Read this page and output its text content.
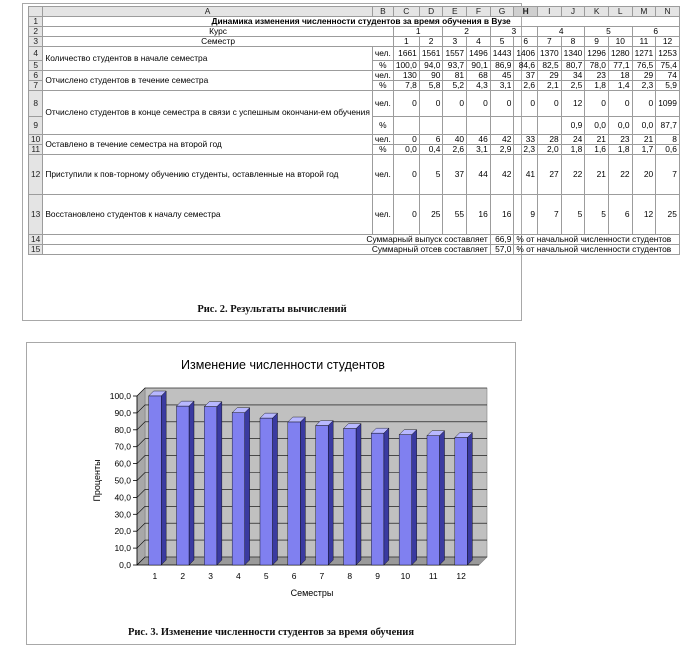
	A	B	C	D	E	F	G	H	I	J	K	L	M	N
1	Динамика изменения численности студентов за время обучения в Вузе													
2	Курс		1		2		3		4		5		6	
3	Семестр		1	2	3	4	5	6	7	8	9	10	11	12
4	Количество студентов в начале семестра	чел.	1661	1561	1557	1496	1443	1406	1370	1340	1296	1280	1271	1253
5		%	100,0	94,0	93,7	90,1	86,9	84,6	82,5	80,7	78,0	77,1	76,5	75,4
6	Отчислено студентов в течение семестра	чел.	130	90	81	68	45	37	29	34	23	18	29	74
7		%	7,8	5,8	5,2	4,3	3,1	2,6	2,1	2,5	1,8	1,4	2,3	5,9
8	Отчислено студентов в конце семестра в связи с успешным окончани-ем обучения	чел.	0	0	0	0	0	0	0	12	0	0	0	1099
9		%								0,9	0,0	0,0	0,0	87,7
10	Оставлено в течение семестра на второй год	чел.	0	6	40	46	42	33	28	24	21	23	21	8
11		%	0,0	0,4	2,6	3,1	2,9	2,3	2,0	1,8	1,6	1,8	1,7	0,6
12	Приступили к пов-торному обучению студенты, оставленные на второй год	чел.	0	5	37	44	42	41	27	22	21	22	20	7
13	Восстановлено студентов к началу семестра	чел.	0	25	55	16	16	9	7	5	5	6	12	25
14	Суммарный выпуск составляет						66,9	% от начальной численности студентов						
15	Суммарный отсев составляет						57,0	% от начальной численности студентов						
Рис. 2. Результаты вычислений
Изменение численности студентов
0,0
10,0
20,0
30,0
40,0
50,0
60,0
70,0
80,0
90,0
100,0
1	2	3	4	5	6	7	8	9 10 11 12
Семестры
Проценты
Рис. 3. Изменение численности студентов за время обучения
